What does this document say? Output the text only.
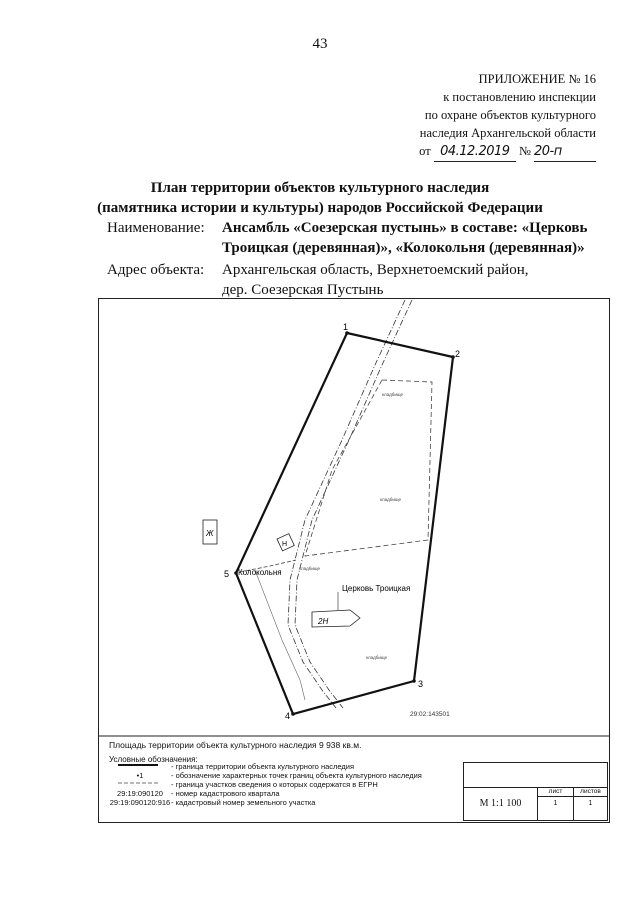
43
ПРИЛОЖЕНИЕ № 16
к постановлению инспекции
по охране объектов культурного
наследия Архангельской области
от 04.12.2019 № 20-п
План территории объектов культурного наследия
(памятника истории и культуры) народов Российской Федерации
Наименование: Ансамбль «Соезерская пустынь» в составе: «Церковь
Троицкая (деревянная)», «Колокольня (деревянная)»
Адрес объекта: Архангельская область, Верхнетоемский район,
дер. Соезерская Пустынь
1
2
3
4
5
Ж
Н
Колокольня
2Н
Церковь Троицкая
кладбище
кладбище
кладбище
кладбище
29:02:143501
Площадь территории объекта культурного наследия 9 938 кв.м.
Условные обозначения:
- граница территории объекта культурного наследия
•1	- обозначение характерных точек границ объекта культурного наследия
- граница участков сведения о которых содержатся в ЕГРН
29:19:090120 - номер кадастрового квартала
29:19:090120:916- кадастровый номер земельного участка	М 1:1 100
лист	листов
1	1
